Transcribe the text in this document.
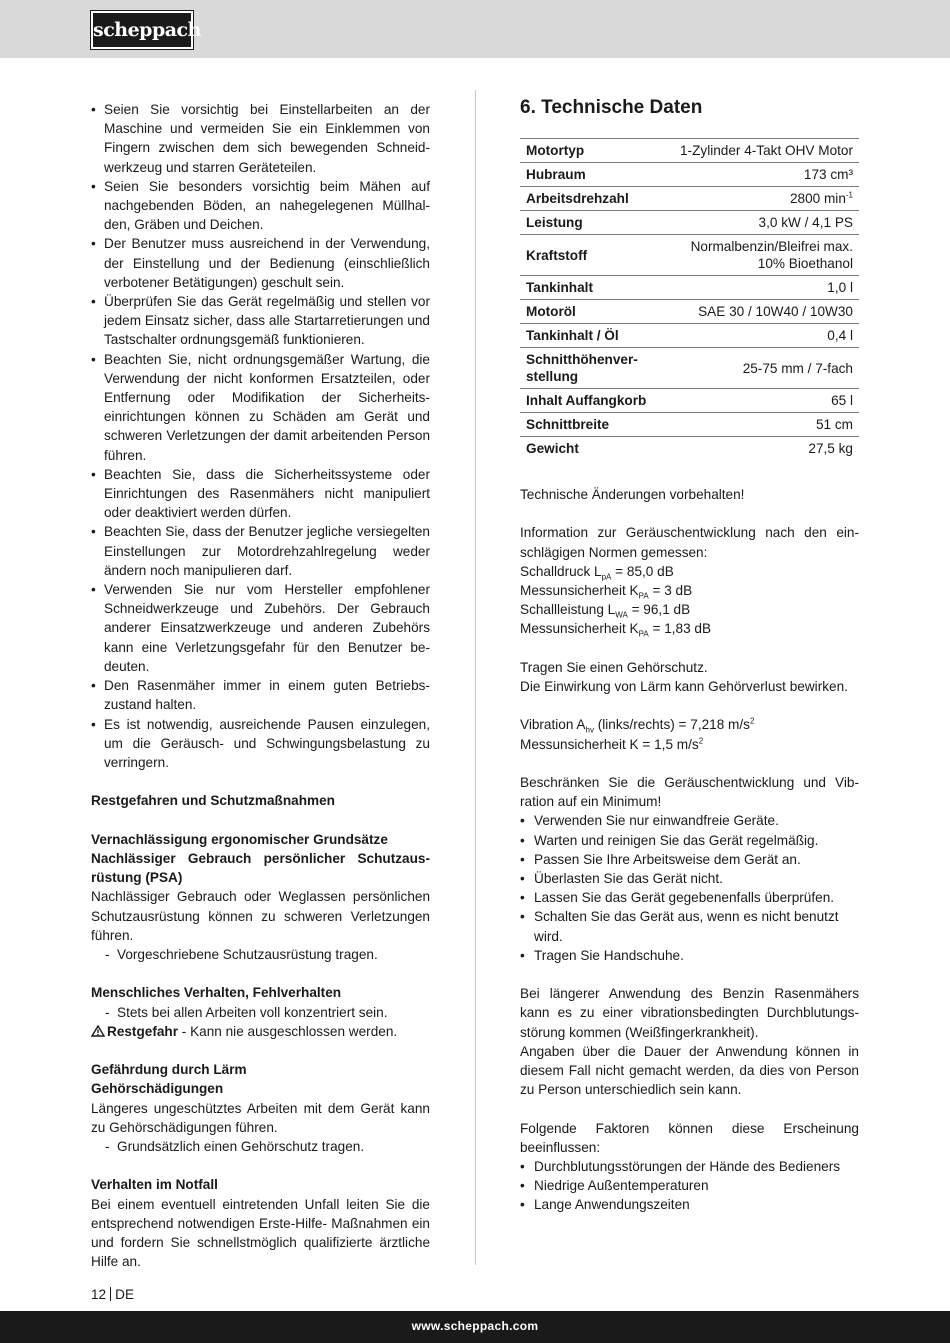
scheppach
• Seien Sie vorsichtig bei Einstellarbeiten an der Maschine und vermeiden Sie ein Einklemmen von Fingern zwischen dem sich bewegenden Schneidwerkzeug und starren Geräteteilen.
• Seien Sie besonders vorsichtig beim Mähen auf nachgebenden Böden, an nahegelegenen Müllhalden, Gräben und Deichen.
• Der Benutzer muss ausreichend in der Verwendung, der Einstellung und der Bedienung (einschließlich verbotener Betätigungen) geschult sein.
• Überprüfen Sie das Gerät regelmäßig und stellen vor jedem Einsatz sicher, dass alle Startarretierungen und Tastschalter ordnungsgemäß funktionieren.
• Beachten Sie, nicht ordnungsgemäßer Wartung, die Verwendung der nicht konformen Ersatzteilen, oder Entfernung oder Modifikation der Sicherheitseinrichtungen können zu Schäden am Gerät und schweren Verletzungen der damit arbeitenden Person führen.
• Beachten Sie, dass die Sicherheitssysteme oder Einrichtungen des Rasenmähers nicht manipuliert oder deaktiviert werden dürfen.
• Beachten Sie, dass der Benutzer jegliche versiegelten Einstellungen zur Motordrehzahlregelung weder ändern noch manipulieren darf.
• Verwenden Sie nur vom Hersteller empfohlener Schneidwerkzeuge und Zubehörs. Der Gebrauch anderer Einsatzwerkzeuge und anderen Zubehörs kann eine Verletzungsgefahr für den Benutzer bedeuten.
• Den Rasenmäher immer in einem guten Betriebszustand halten.
• Es ist notwendig, ausreichende Pausen einzulegen, um die Geräusch- und Schwingungsbelastung zu verringern.

Restgefahren und Schutzmaßnahmen

Vernachlässigung ergonomischer Grundsätze

Nachlässiger Gebrauch persönlicher Schutzausrüstung (PSA)

Nachlässiger Gebrauch oder Weglassen persönlichen Schutzausrüstung können zu schweren Verletzungen führen.

- Vorgeschriebene Schutzausrüstung tragen.

Menschliches Verhalten, Fehlverhalten

- Stets bei allen Arbeiten voll konzentriert sein.

Restgefahr - Kann nie ausgeschlossen werden.

Gefährdung durch Lärm

Gehörschädigungen

Längeres ungeschütztes Arbeiten mit dem Gerät kann zu Gehörschädigungen führen.

- Grundsätzlich einen Gehörschutz tragen.

Verhalten im Notfall

Bei einem eventuell eintretenden Unfall leiten Sie die entsprechend notwendigen Erste-Hilfe- Maßnahmen ein und fordern Sie schnellstmöglich qualifizierte ärztliche Hilfe an.

6. Technische Daten
Motortyp	1-Zylinder 4-Takt OHV Motor
Hubraum	173 cm³
Arbeitsdrehzahl	2800 $\min^{-1}$
Leistung	3,0 kW / 4,1 PS
Kraftstoff	Normalbenzin/Bleifrei max.
10% Bioethanol
Tankinhalt	1,0 l
Motoröl	SAE 30 / 10W40 / 10W30
Tankinhalt / Öl	0,4 l
Schnitthöhenverstellung	25-75 mm / 7-fach
Inhalt Auffangkorb	65 l
Schnittbreite	51 cm
Gewicht	27,5 kg

Technische Änderungen vorbehalten!

Information zur Geräuschentwicklung nach den einschlägigen Normen gemessen:

Schalldruck $L_{pA} = 85,0$ dB

Messunsicherheit $K_{PA} = 3$ dB

Schallleistung $L_{WA} = 96,1$ dB

Messunsicherheit $K_{PA} = 1,83$ dB

Tragen Sie einen Gehörschutz.

Die Einwirkung von Lärm kann Gehörverlust bewirken.

Vibration $A_{hv}$ (links/rechts) = 7,218 $m/s^2$

Messunsicherheit K = 1,5 $m/s^2$

Beschränken Sie die Geräuschentwicklung und Vibration auf ein Minimum!

• Verwenden Sie nur einwandfreie Geräte.
• Warten und reinigen Sie das Gerät regelmäßig.
• Passen Sie Ihre Arbeitsweise dem Gerät an.
• Überlasten Sie das Gerät nicht.
• Lassen Sie das Gerät gegebenenfalls überprüfen.
• Schalten Sie das Gerät aus, wenn es nicht benutzt wird.
• Tragen Sie Handschuhe.

Bei längerer Anwendung des Benzin Rasenmähers kann es zu einer vibrationsbedingten Durchblutungsstörung kommen (Weißfingerkrankheit).

Angaben über die Dauer der Anwendung können in diesem Fall nicht gemacht werden, da dies von Person zu Person unterschiedlich sein kann.

Folgende Faktoren können diese Erscheinung beeinflussen:

• Durchblutungsstörungen der Hände des Bedieners
• Niedrige Außentemperaturen
• Lange Anwendungszeiten
12 DE
www.scheppach.com
